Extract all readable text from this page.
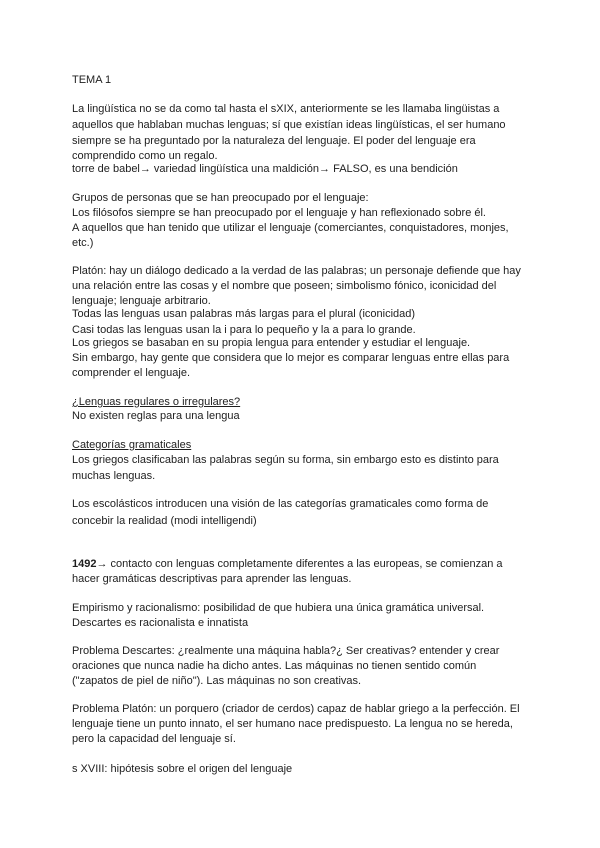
TEMA 1
La lingüística no se da como tal hasta el sXIX, anteriormente se les llamaba lingüistas a
aquellos que hablaban muchas lenguas; sí que existían ideas lingüísticas, el ser humano
siempre se ha preguntado por la naturaleza del lenguaje. El poder del lenguaje era
comprendido como un regalo.
torre de babel→ variedad lingüística una maldición→ FALSO, es una bendición
Grupos de personas que se han preocupado por el lenguaje:
Los filósofos siempre se han preocupado por el lenguaje y han reflexionado sobre él.
A aquellos que han tenido que utilizar el lenguaje (comerciantes, conquistadores, monjes,
etc.)
Platón: hay un diálogo dedicado a la verdad de las palabras; un personaje defiende que hay
una relación entre las cosas y el nombre que poseen; simbolismo fónico, iconicidad del
lenguaje; lenguaje arbitrario.
Todas las lenguas usan palabras más largas para el plural (iconicidad)
Casi todas las lenguas usan la i para lo pequeño y la a para lo grande.
Los griegos se basaban en su propia lengua para entender y estudiar el lenguaje.
Sin embargo, hay gente que considera que lo mejor es comparar lenguas entre ellas para
comprender el lenguaje.
¿Lenguas regulares o irregulares?
No existen reglas para una lengua
Categorías gramaticales
Los griegos clasificaban las palabras según su forma, sin embargo esto es distinto para
muchas lenguas.
Los escolásticos introducen una visión de las categorías gramaticales como forma de
concebir la realidad (modi intelligendi)
1492→ contacto con lenguas completamente diferentes a las europeas, se comienzan a
hacer gramáticas descriptivas para aprender las lenguas.
Empirismo y racionalismo: posibilidad de que hubiera una única gramática universal.
Descartes es racionalista e innatista
Problema Descartes: ¿realmente una máquina habla?¿ Ser creativas? entender y crear
oraciones que nunca nadie ha dicho antes. Las máquinas no tienen sentido común
("zapatos de piel de niño"). Las máquinas no son creativas.
Problema Platón: un porquero (criador de cerdos) capaz de hablar griego a la perfección. El
lenguaje tiene un punto innato, el ser humano nace predispuesto. La lengua no se hereda,
pero la capacidad del lenguaje sí.
s XVIII: hipótesis sobre el origen del lenguaje
